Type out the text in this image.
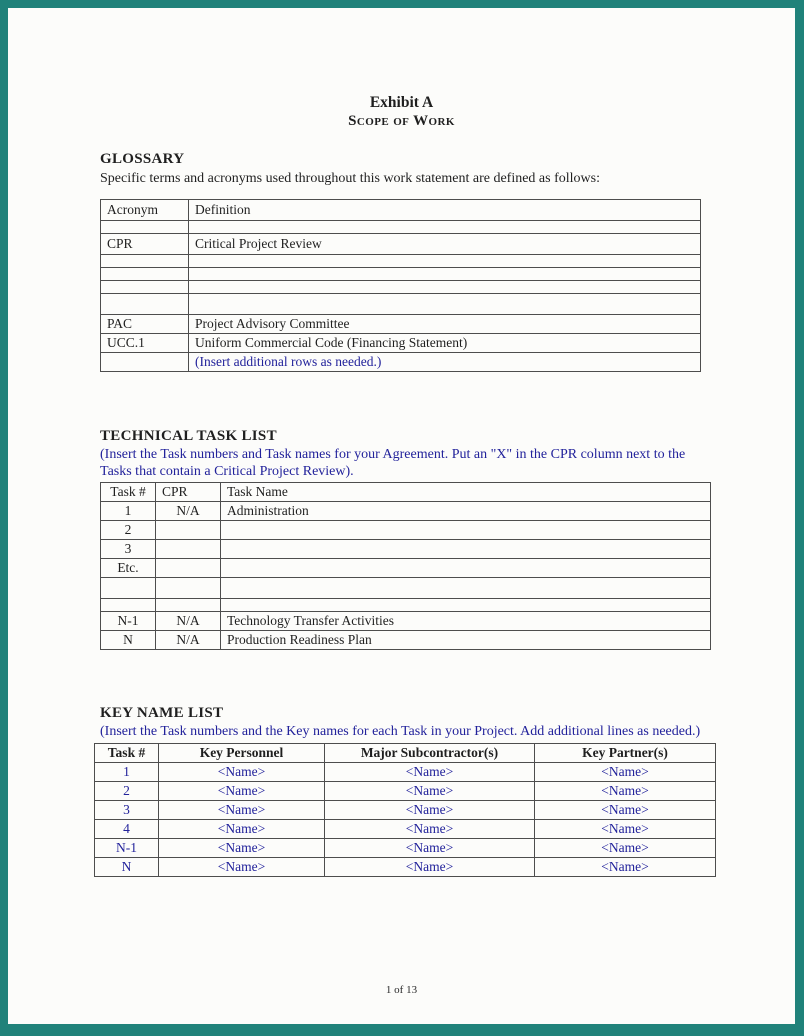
Exhibit A
Scope of Work
GLOSSARY
Specific terms and acronyms used throughout this work statement are defined as follows:
Acronym	Definition

CPR	Critical Project Review

PAC	Project Advisory Committee
UCC.1	Uniform Commercial Code (Financing Statement)
	(Insert additional rows as needed.)
TECHNICAL TASK LIST
(Insert the Task numbers and Task names for your Agreement. Put an "X" in the CPR column next to the Tasks that contain a Critical Project Review).
Task #	CPR	Task Name
1	N/A	Administration
2		
3		
Etc.		

N-1	N/A	Technology Transfer Activities
N	N/A	Production Readiness Plan
KEY NAME LIST
(Insert the Task numbers and the Key names for each Task in your Project. Add additional lines as needed.)
Task #	Key Personnel	Major Subcontractor(s)	Key Partner(s)
1	<Name>	<Name>	<Name>
2	<Name>	<Name>	<Name>
3	<Name>	<Name>	<Name>
4	<Name>	<Name>	<Name>
N-1	<Name>	<Name>	<Name>
N	<Name>	<Name>	<Name>
1 of 13
